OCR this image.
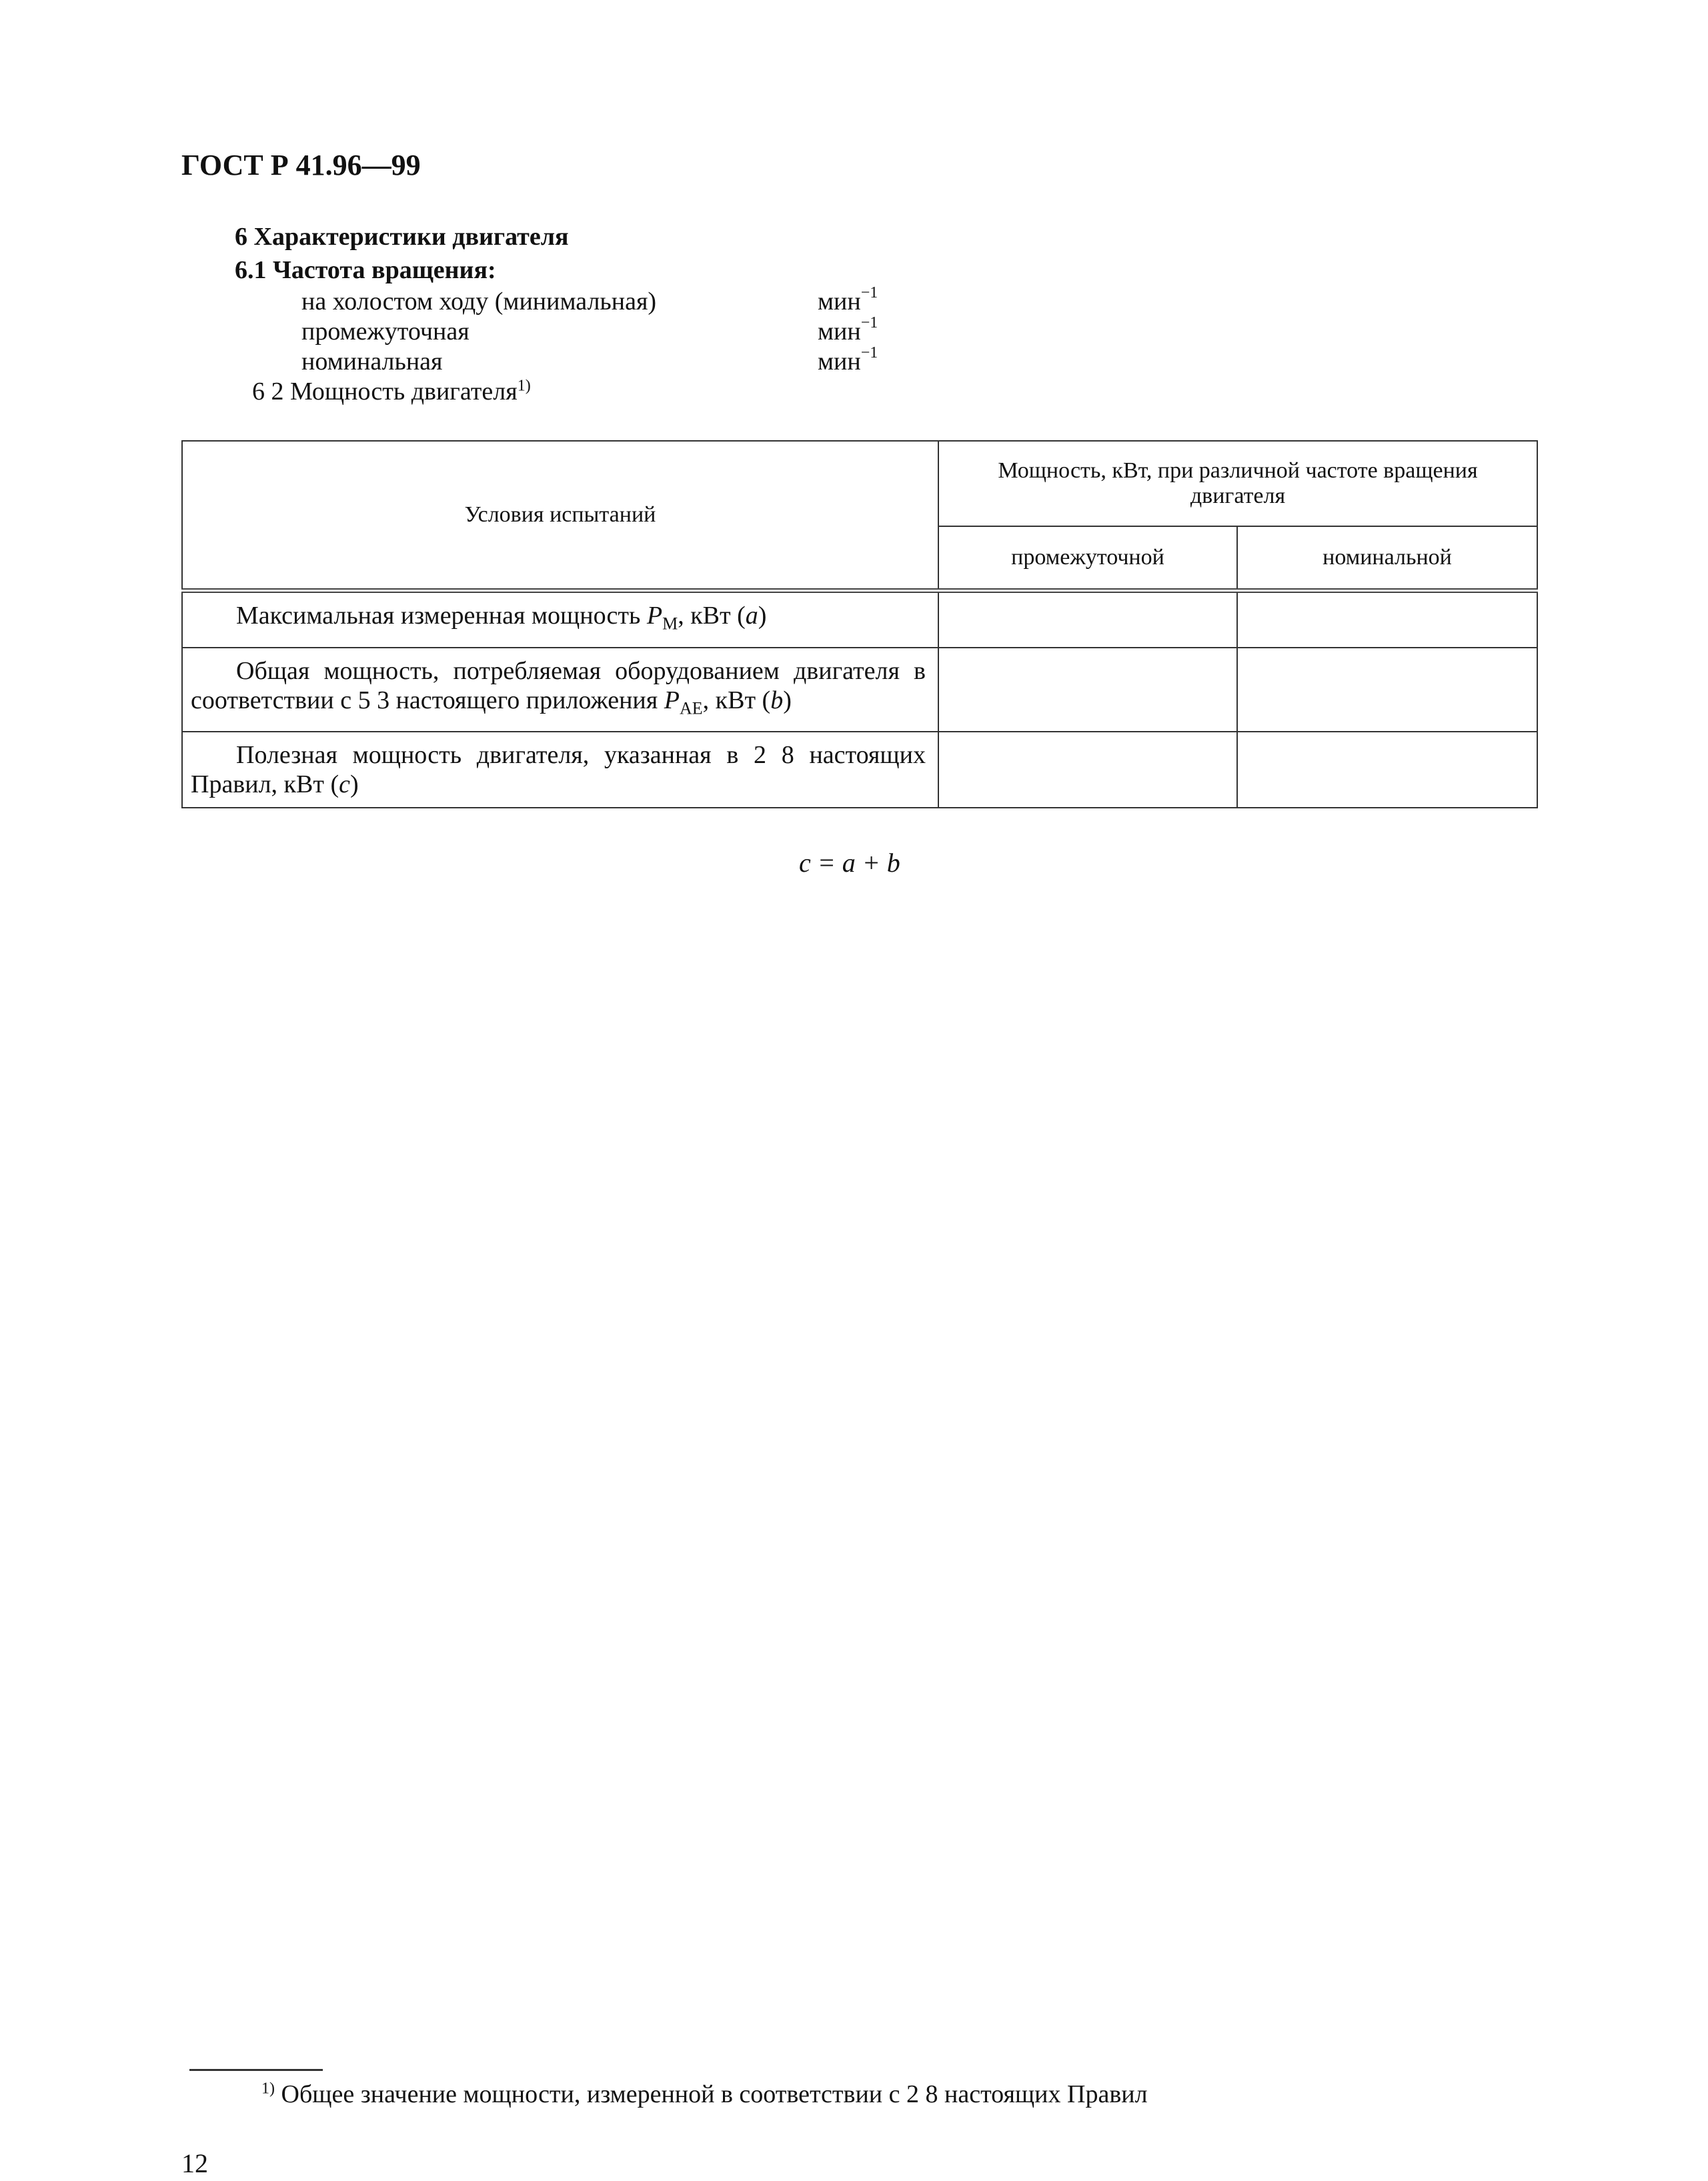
ГОСТ Р 41.96—99
6 Характеристики двигателя
6.1 Частота вращения:
на холостом ходу (минимальная)	мин$^{-1}$
промежуточная	мин$^{-1}$
номинальная	мин$^{-1}$
6 2 Мощность двигателя$^{1)}$
Условия испытаний	Мощность, кВт, при различной частоте вращения двигателя	
	промежуточной	номинальной
Максимальная измеренная мощность $P_M$, кВт (a)		
Общая мощность, потребляемая оборудованием двигателя в соответствии с 5 3 настоящего приложения $P_{AE}$, кВт (b)		
Полезная мощность двигателя, указанная в 2 8 настоящих Правил, кВт (c)		
c = a + b
$^{1)}$ Общее значение мощности, измеренной в соответствии с 2 8 настоящих Правил
12
